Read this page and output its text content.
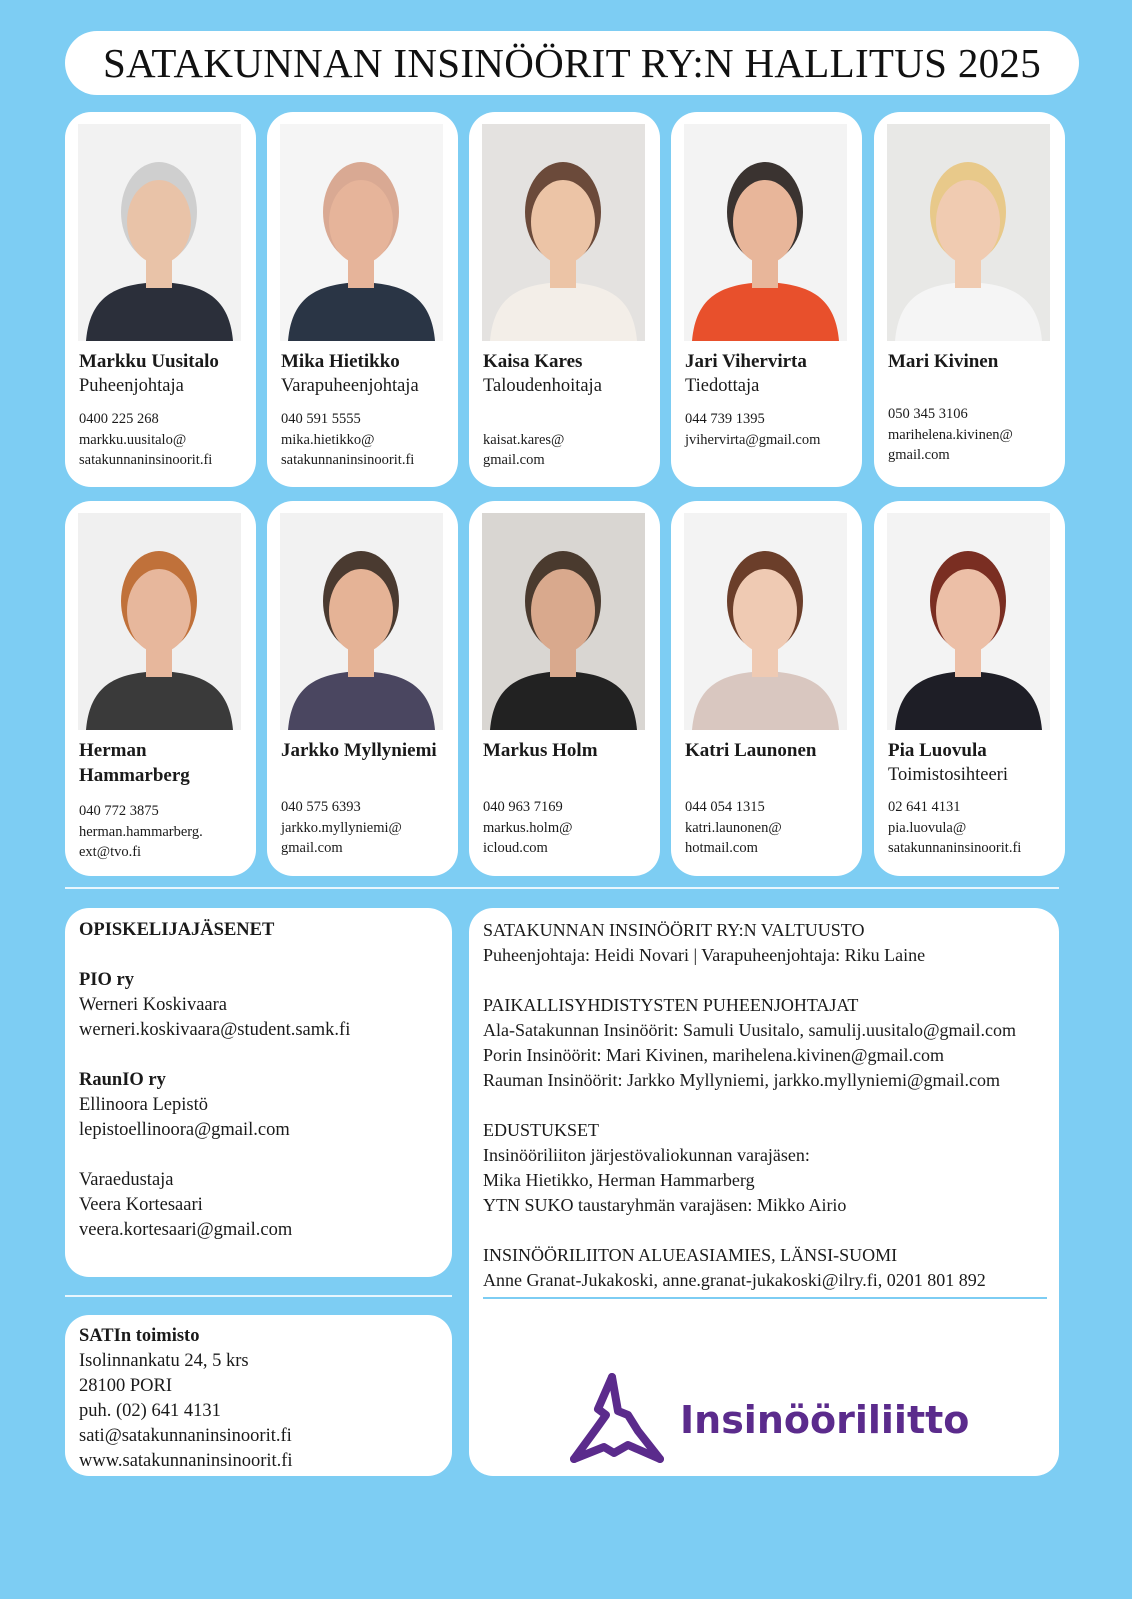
SATAKUNNAN INSINÖÖRIT RY:N HALLITUS 2025
Markku Uusitalo
Puheenjohtaja
0400 225 268
markku.uusitalo@
satakunnaninsinoorit.fi
Mika Hietikko
Varapuheenjohtaja
040 591 5555
mika.hietikko@
satakunnaninsinoorit.fi
Kaisa Kares
Taloudenhoitaja
kaisat.kares@
gmail.com
Jari Vihervirta
Tiedottaja
044 739 1395
jvihervirta@gmail.com
Mari Kivinen
050 345 3106
marihelena.kivinen@
gmail.com
Herman Hammarberg
040 772 3875
herman.hammarberg.
ext@tvo.fi
Jarkko Myllyniemi
040 575 6393
jarkko.myllyniemi@
gmail.com
Markus Holm
040 963 7169
markus.holm@
icloud.com
Katri Launonen
044 054 1315
katri.launonen@
hotmail.com
Pia Luovula
Toimistosihteeri
02 641 4131
pia.luovula@
satakunnaninsinoorit.fi
OPISKELIJAJÄSENET
PIO ry
Werneri Koskivaara
werneri.koskivaara@student.samk.fi
RaunIO ry
Ellinoora Lepistö
lepistoellinoora@gmail.com
Varaedustaja
Veera Kortesaari
veera.kortesaari@gmail.com
SATIn toimisto
Isolinnankatu 24, 5 krs
28100 PORI
puh. (02) 641 4131
sati@satakunnaninsinoorit.fi
www.satakunnaninsinoorit.fi
SATAKUNNAN INSINÖÖRIT RY:N VALTUUSTO
Puheenjohtaja: Heidi Novari | Varapuheenjohtaja: Riku Laine
PAIKALLISYHDISTYSTEN PUHEENJOHTAJAT
Ala-Satakunnan Insinöörit: Samuli Uusitalo, samulij.uusitalo@gmail.com
Porin Insinöörit: Mari Kivinen, marihelena.kivinen@gmail.com
Rauman Insinöörit: Jarkko Myllyniemi, jarkko.myllyniemi@gmail.com
EDUSTUKSET
Insinööriliiton järjestövaliokunnan varajäsen:
Mika Hietikko, Herman Hammarberg
YTN SUKO taustaryhmän varajäsen: Mikko Airio
INSINÖÖRILIITON ALUEASIAMIES, LÄNSI-SUOMI
Anne Granat-Jukakoski, anne.granat-jukakoski@ilry.fi, 0201 801 892
Insinööriliitto
